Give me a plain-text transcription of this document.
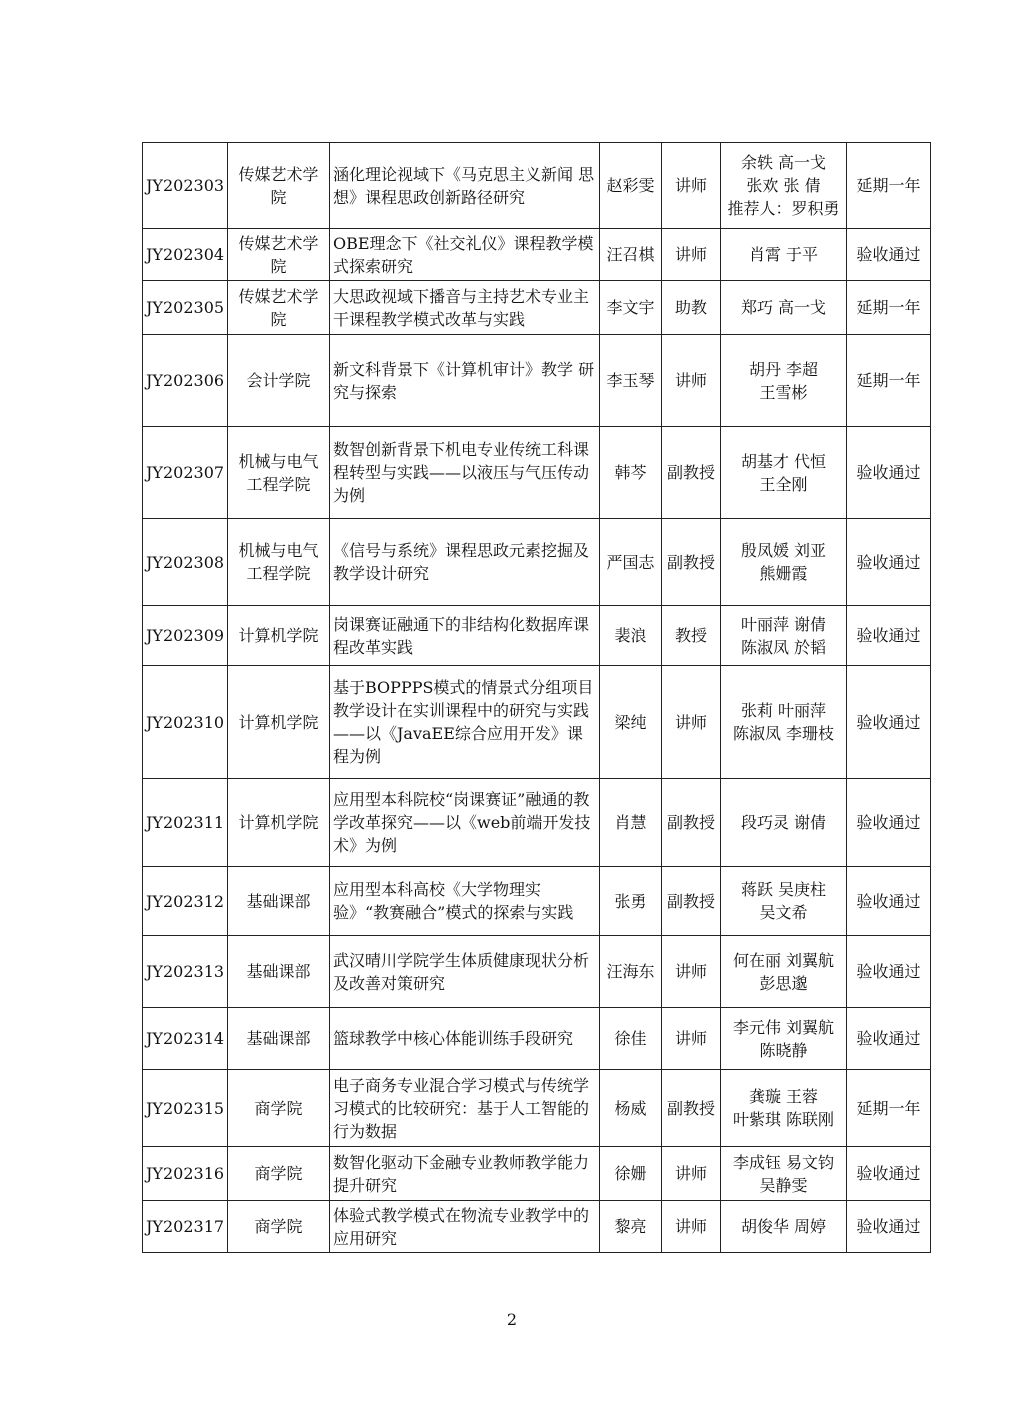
JY202303	传媒艺术学
院	涵化理论视域下《马克思主义新闻 思想》课程思政创新路径研究	赵彩雯	讲师	余轶 高一戈
张欢 张 倩
推荐人：罗积勇	延期一年

JY202304	传媒艺术学
院	OBE理念下《社交礼仪》课程教学模式探索研究	汪召棋	讲师	肖霄 于平	验收通过

JY202305	传媒艺术学
院	大思政视域下播音与主持艺术专业主干课程教学模式改革与实践	李文宇	助教	郑巧 高一戈	延期一年

JY202306	会计学院	新文科背景下《计算机审计》教学 研究与探索	李玉琴	讲师	胡丹 李超
王雪彬	延期一年

JY202307	机械与电气
工程学院	数智创新背景下机电专业传统工科课程转型与实践——以液压与气压传动为例	韩芩	副教授	胡基才 代恒
王全刚	验收通过

JY202308	机械与电气
工程学院	《信号与系统》课程思政元素挖掘及教学设计研究	严国志	副教授	殷凤媛 刘亚
熊姗霞	验收通过

JY202309	计算机学院	岗课赛证融通下的非结构化数据库课程改革实践	裴浪	教授	叶丽萍 谢倩
陈淑凤 於韬	验收通过

JY202310	计算机学院	基于BOPPPS模式的情景式分组项目教学设计在实训课程中的研究与实践——以《JavaEE综合应用开发》课程为例	梁纯	讲师	张莉 叶丽萍
陈淑凤 李珊枝	验收通过

JY202311	计算机学院	应用型本科院校“岗课赛证”融通的教学改革探究——以《web前端开发技术》为例	肖慧	副教授	段巧灵 谢倩	验收通过

JY202312	基础课部	应用型本科高校《大学物理实验》“教赛融合”模式的探索与实践	张勇	副教授	蒋跃 吴庚柱
吴文希	验收通过

JY202313	基础课部	武汉晴川学院学生体质健康现状分析及改善对策研究	汪海东	讲师	何在丽 刘翼航
彭思邈	验收通过

JY202314	基础课部	篮球教学中核心体能训练手段研究	徐佳	讲师	李元伟 刘翼航
陈晓静	验收通过

JY202315	商学院	电子商务专业混合学习模式与传统学习模式的比较研究：基于人工智能的行为数据	杨威	副教授	龚璇 王蓉
叶紫琪 陈联刚	延期一年

JY202316	商学院	数智化驱动下金融专业教师教学能力提升研究	徐姗	讲师	李成钰 易文钧
吴静雯	验收通过

JY202317	商学院	体验式教学模式在物流专业教学中的应用研究	黎亮	讲师	胡俊华 周婷	验收通过
2
